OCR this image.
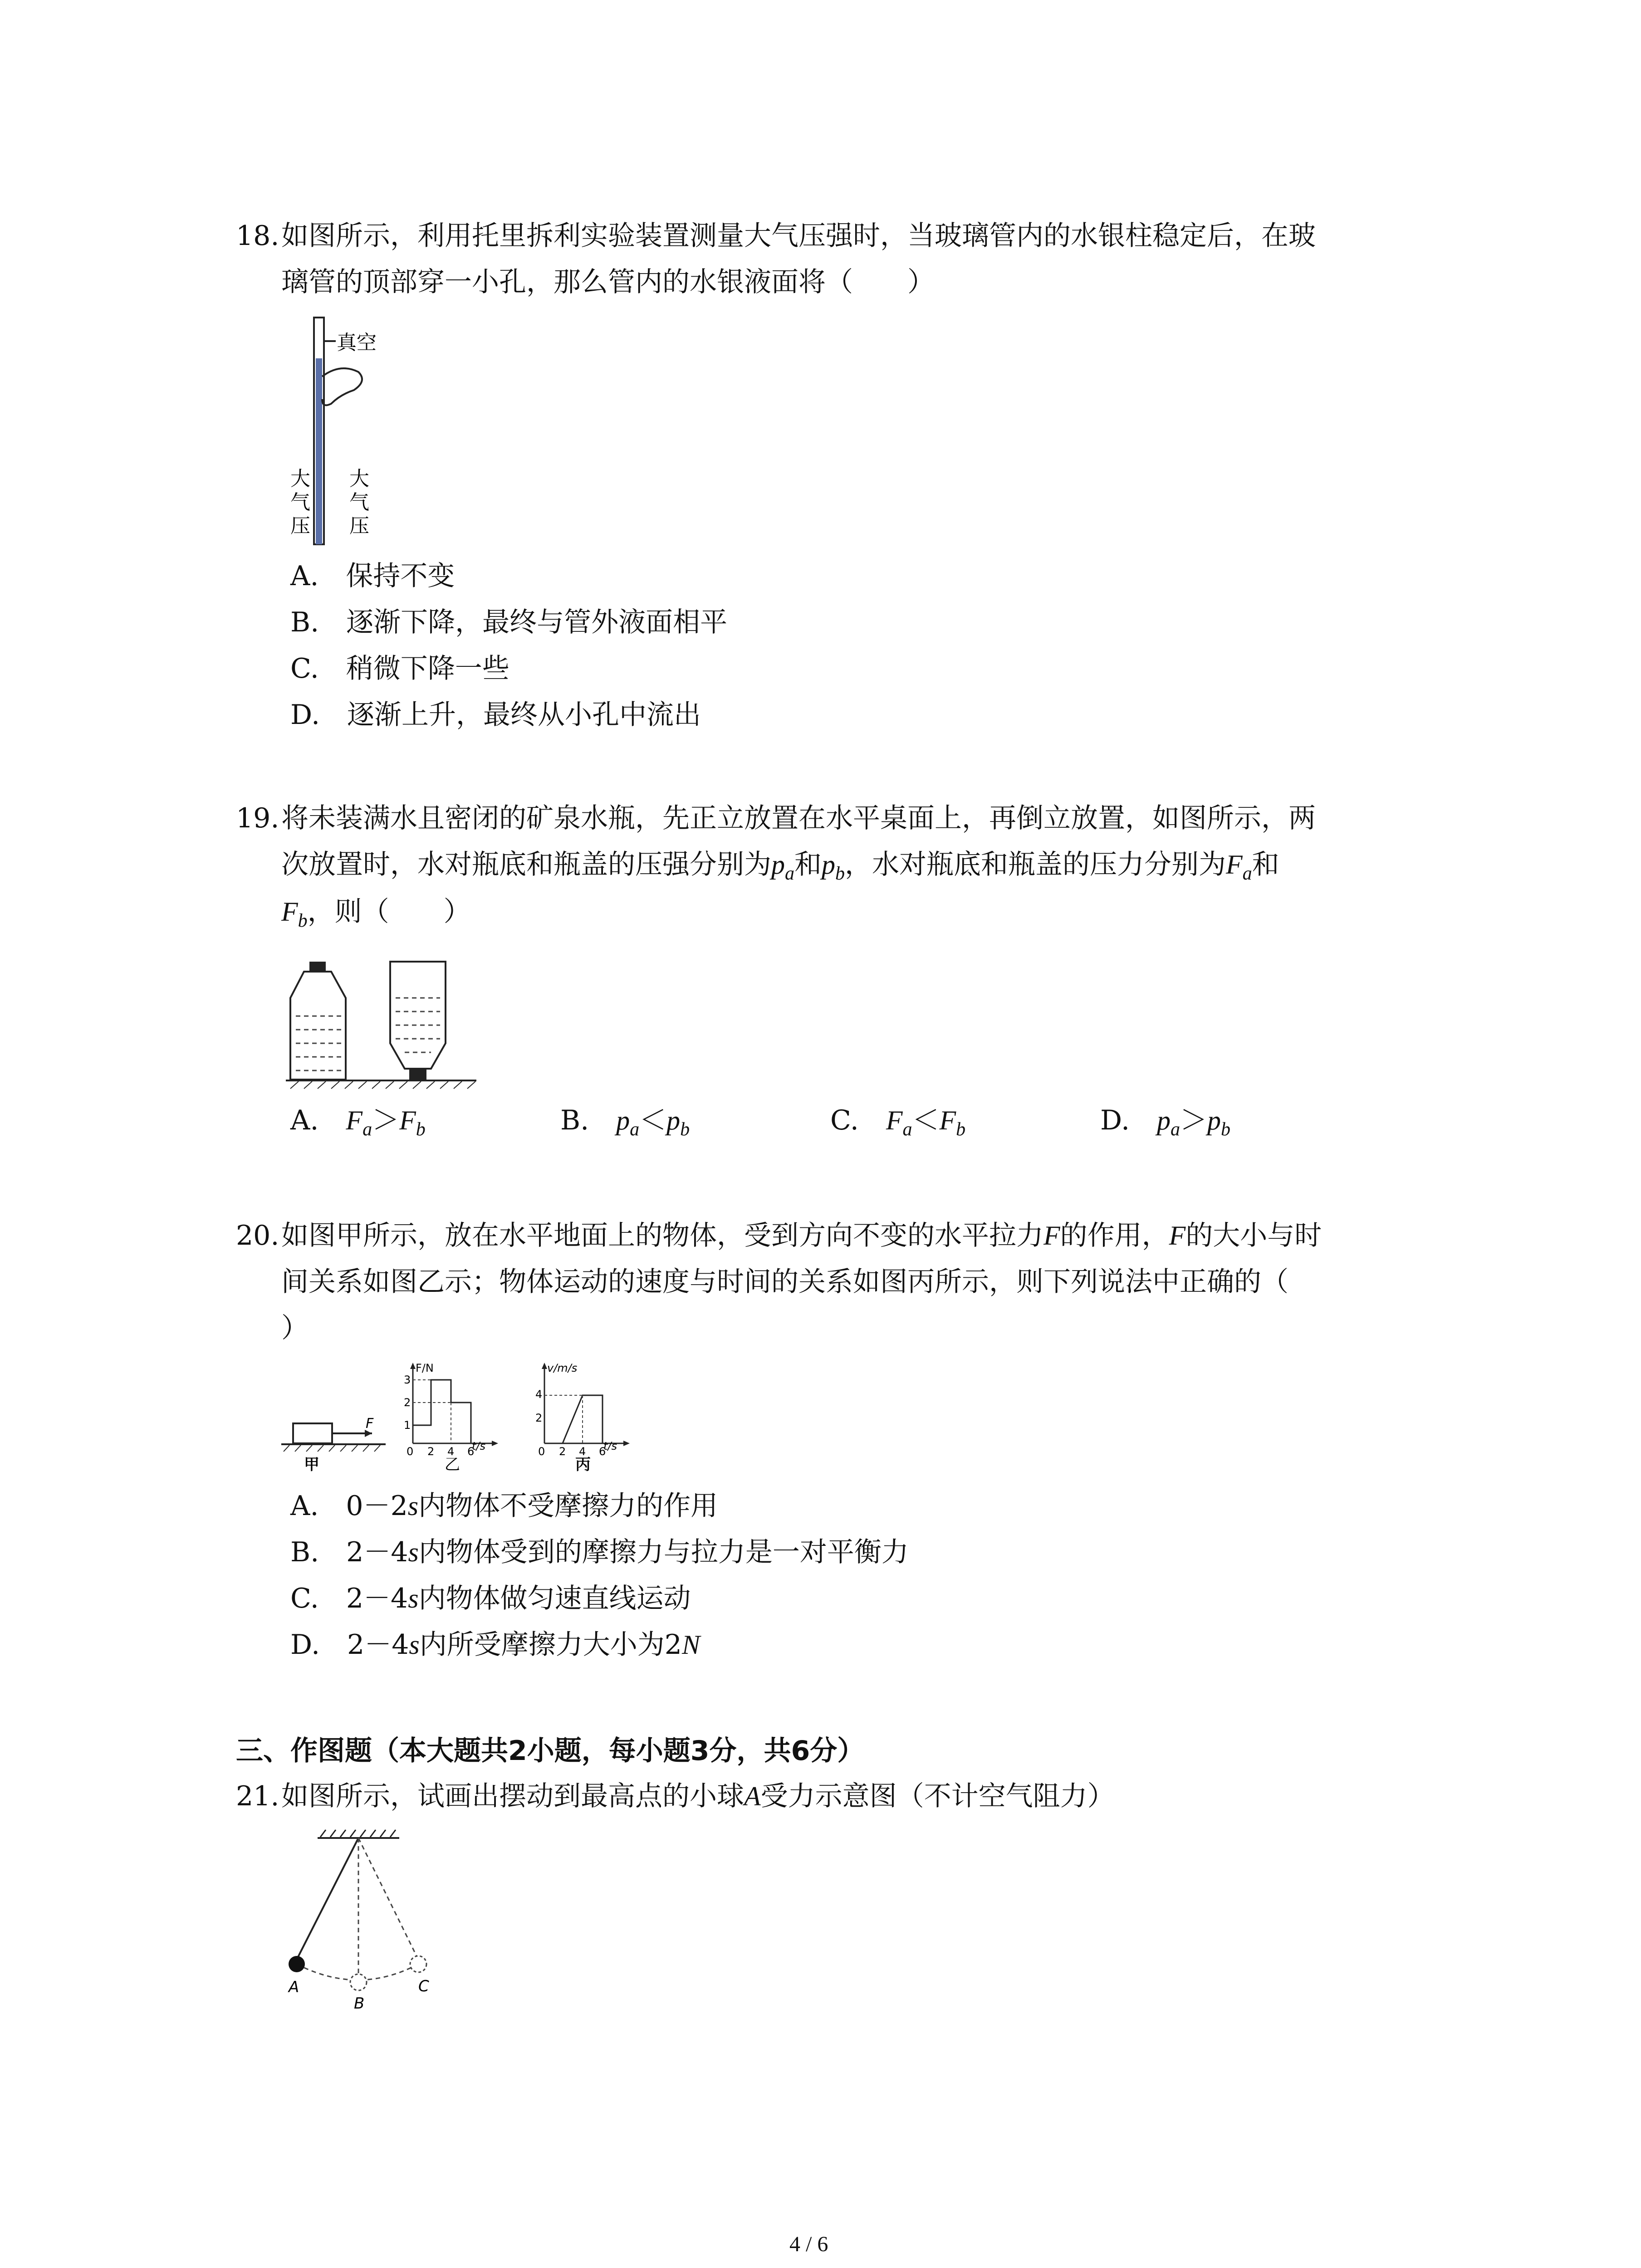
18. 如图所示，利用托里拆利实验装置测量大气压强时，当玻璃管内的水银柱稳定后，在玻
璃管的顶部穿一小孔，那么管内的水银液面将（　　）
真空
大
气
压
大
气
压
A.　 保持不变
B.　 逐渐下降，最终与管外液面相平
C.　 稍微下降一些
D.　 逐渐上升，最终从小孔中流出
19. 将未装满水且密闭的矿泉水瓶，先正立放置在水平桌面上，再倒立放置，如图所示，两
次放置时，水对瓶底和瓶盖的压强分别为$p_a$和$p_b$，水对瓶底和瓶盖的压力分别为$F_a$和
$F_b$，则（　　）
A.　 $F_a>F_b$	B.　 $p_a<p_b$	C.　 $F_a<F_b$	D.　 $p_a>p_b$
20. 如图甲所示，放在水平地面上的物体，受到方向不变的水平拉力F的作用，F的大小与时
间关系如图乙示；物体运动的速度与时间的关系如图丙所示，则下列说法中正确的（
）
F
甲
F/N
t/s
1
2
3
0 2 4 6
乙
v/m/s
t/s
2
4
0 2 4 6
丙
A.　 0－2s内物体不受摩擦力的作用
B.　 2－4s内物体受到的摩擦力与拉力是一对平衡力
C.　 2－4s内物体做匀速直线运动
D.　 2－4s内所受摩擦力大小为2N
三、作图题（本大题共2小题，每小题3分，共6分）
21. 如图所示，试画出摆动到最高点的小球A受力示意图（不计空气阻力）
A
B
C
4 / 6
